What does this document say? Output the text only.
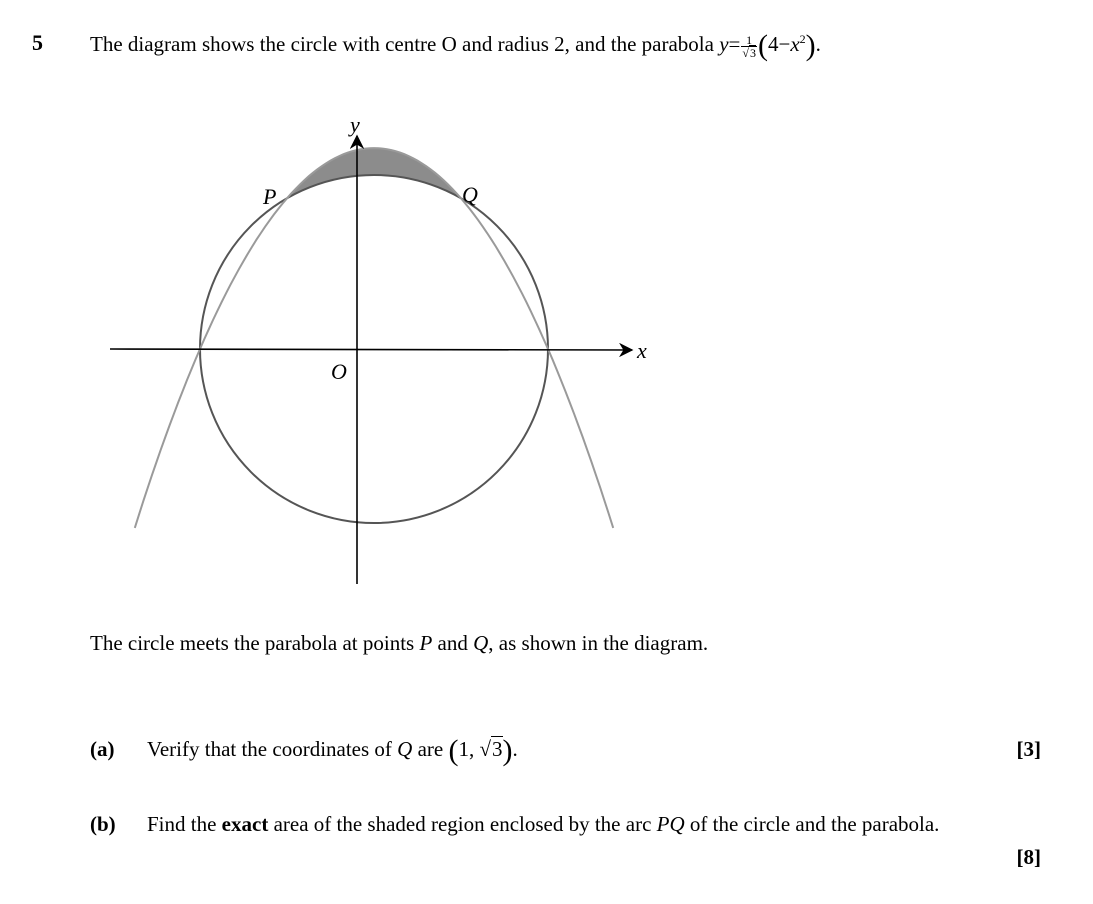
5 The diagram shows the circle with centre O and radius 2, and the parabola $y= \frac{1}{√3} (4-x^2)$.
x
y
O
P	Q
The circle meets the parabola at points P and Q, as shown in the diagram.
(a) Verify that the coordinates of Q are (1, √3).	[3]
(b) Find the exact area of the shaded region enclosed by the arc PQ of the circle and the parabola.
[8]
